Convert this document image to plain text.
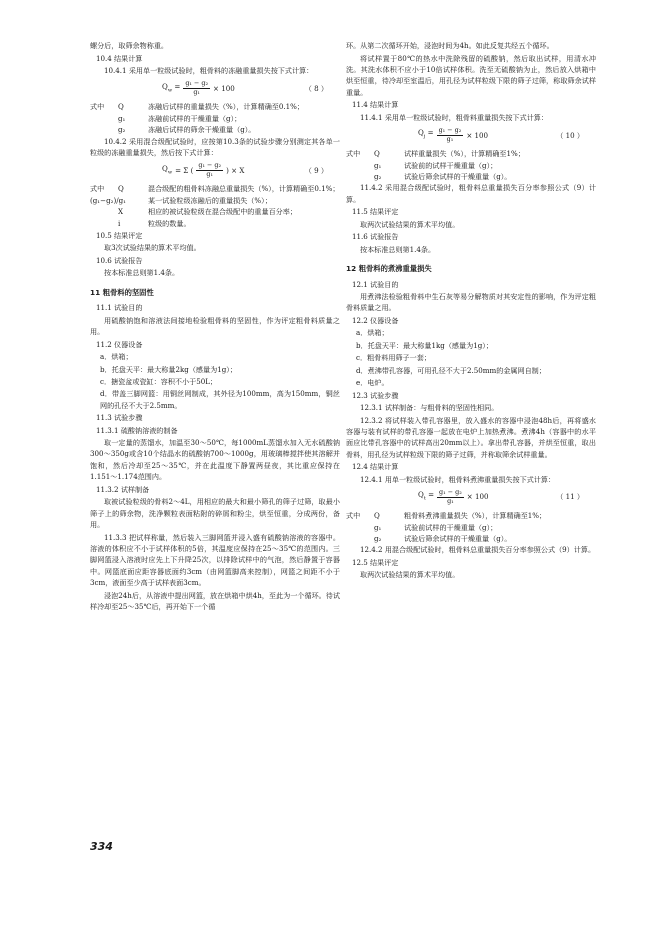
螺分后，取筛余物称重。

10.4 结果计算

10.4.1 采用单一粒级试验时，粗骨料的冻融重量损失按下式计算：

$Q_w = \frac{\text{g₁ − g₂}}{\text{g₁}} \times 100$	（ 8 ）
式中	Q	冻融后试样的重量损失（%），计算精确至0.1%；
g₁	冻融前试样的干燥重量（g）；
g₂	冻融后试样的筛余干燥重量（g）。

10.4.2 采用混合级配试验时，应按第10.3条的试验步骤分别测定其各单一粒级的冻融重量损失，然后按下式计算：

$Q_w = \Sigma$ ( $\frac{\text{g₁ − g₂}}{\text{g₁}}$ ) × X	（ 9 ）
式中	Q	混合级配的粗骨料冻融总重量损失（%），计算精确至0.1%；
(g₁−g₂)/g₁	某一试验粒级冻融后的重量损失（%）；
X	相应的被试验粒级在混合级配中的重量百分率；
i	粒级的数量。

10.5 结果评定

取3次试验结果的算术平均值。

10.6 试验报告

按本标准总则第1.4条。

11 粗骨料的坚固性

11.1 试验目的

用硫酸钠饱和溶液法间接地检验粗骨料的坚固性，作为评定粗骨料质量之用。

11.2 仪器设备

a．烘箱；

b．托盘天平：最大称量2kg（感量为1g）；

c．搪瓷盆或瓷缸：容积不小于50L；

d．带盖三脚网篮：用铜丝网制成，其外径为100mm，高为150mm，铜丝网的孔径不大于2.5mm。

11.3 试验步骤

11.3.1 硫酸钠溶液的制备

取一定量的蒸馏水，加温至30～50℃，每1000mL蒸馏水加入无水硫酸钠300～350g或含10个结晶水的硫酸钠700～1000g，用玻璃棒搅拌使其溶解并饱和，然后冷却至25～35℃，并在此温度下静置两昼夜，其比重应保持在1.151～1.174范围内。

11.3.2 试样制备

取被试验粒级的骨料2～4L，用相应的最大和最小筛孔的筛子过筛，取最小筛子上的筛余物，洗净颗粒表面粘附的碎屑和粉尘，烘至恒重，分成两份，备用。

11.3.3 把试样称量，然后装入三脚网篮并浸入盛有硫酸钠溶液的容器中。溶液的体积应不小于试样体积的5倍，其温度应保持在25～35℃的范围内。三脚网篮浸入溶液时应先上下升降25次，以排除试样中的气泡，然后静置于容器中。网篮底面应距容器底面约3cm（由网篮脚高来控制），网篮之间距不小于3cm，液面至少高于试样表面3cm。

浸泡24h后，从溶液中提出网篮，放在烘箱中烘4h，至此为一个循环。待试样冷却至25～35℃后，再开始下一个循

环。从第二次循环开始，浸泡时间为4h。如此反复共经五个循环。

将试样置于80℃的热水中洗除残留的硫酸钠，然后取出试样，用清水冲洗。其洗水体积不应小于10倍试样体积。洗至无硫酸钠为止，然后放入烘箱中烘至恒重，待冷却至室温后，用孔径为试样粒级下限的筛子过筛，称取筛余试样重量。

11.4 结果计算

11.4.1 采用单一粒级试验时，粗骨料重量损失按下式计算：

$Q_j = \frac{\text{g₁ − g₂}}{\text{g₁}} \times 100$	（ 10 ）
式中	Q	试样重量损失（%），计算精确至1%；
g₁	试验前的试样干燥重量（g）；
g₂	试验后筛余试样的干燥重量（g）。

11.4.2 采用混合级配试验时，粗骨料总重量损失百分率参照公式（9）计算。

11.5 结果评定

取两次试验结果的算术平均值。

11.6 试验报告

按本标准总则第1.4条。

12 粗骨料的煮沸重量损失

12.1 试验目的

用煮沸法检验粗骨料中生石灰等易分解物质对其安定性的影响，作为评定粗骨料质量之用。

12.2 仪器设备

a．烘箱；

b．托盘天平：最大称量1kg（感量为1g）；

c．粗骨料用筛子一套；

d．煮沸带孔容器，可用孔径不大于2.50mm的金属网自制；

e．电炉。

12.3 试验步骤

12.3.1 试样制备：与粗骨料的坚固性相同。

12.3.2 将试样装入带孔容器里，放入盛水的容器中浸泡48h后，再将盛水容器与装有试样的带孔容器一起放在电炉上加热煮沸。煮沸4h（容器中的水平面应比带孔容器中的试样高出20mm以上）。拿出带孔容器，并烘至恒重，取出骨料，用孔径为试样粒级下限的筛子过筛，并称取筛余试样重量。

12.4 结果计算

12.4.1 用单一粒级试验时，粗骨料煮沸重量损失按下式计算：

$Q_t = \frac{\text{g₁ − g₂}}{\text{g₁}} \times 100$	（ 11 ）
式中	Q	粗骨料煮沸重量损失（%），计算精确至1%；
g₁	试验前试样的干燥重量（g）；
g₂	试验后筛余试样的干燥重量（g）。

12.4.2 用混合级配试验时，粗骨料总重量损失百分率参照公式（9）计算。

12.5 结果评定

取两次试验结果的算术平均值。

334
